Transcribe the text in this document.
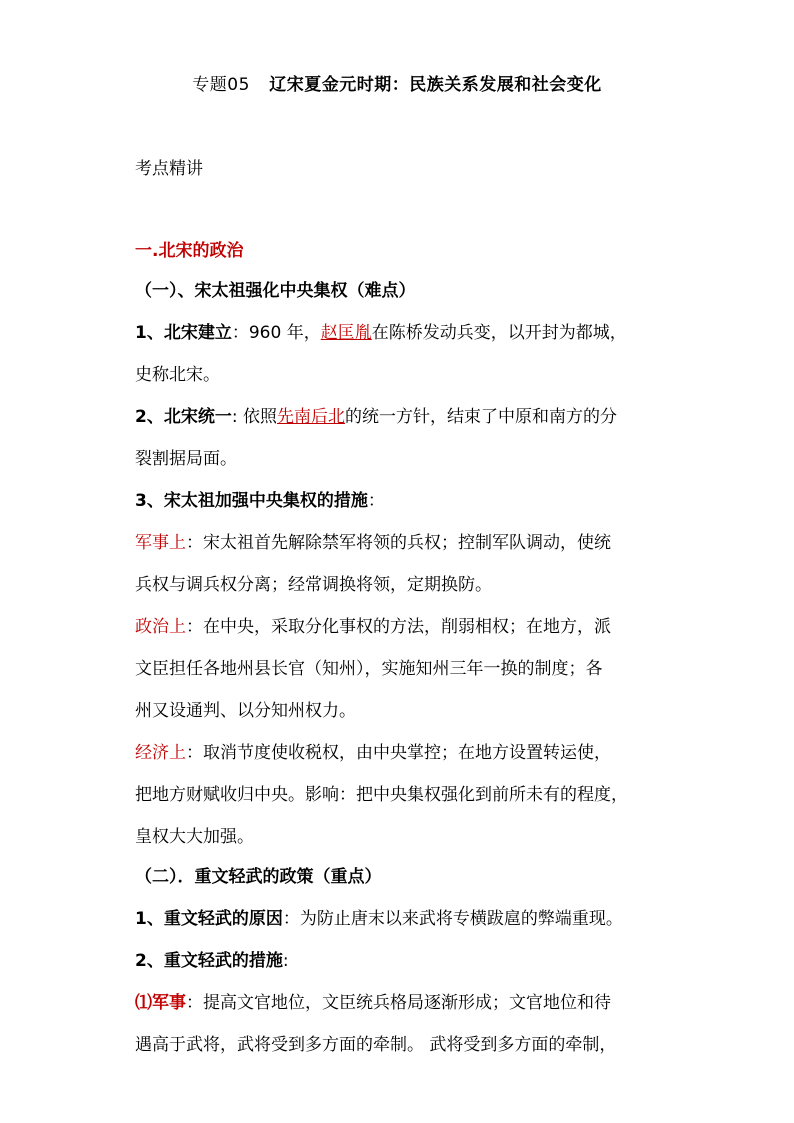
专题05 辽宋夏金元时期：民族关系发展和社会变化
考点精讲
一.北宋的政治
（一）、宋太祖强化中央集权（难点）
1、北宋建立：960 年，赵匡胤在陈桥发动兵变，以开封为都城，
史称北宋。
2、北宋统一: 依照先南后北的统一方针，结束了中原和南方的分
裂割据局面。
3、宋太祖加强中央集权的措施：
军事上：宋太祖首先解除禁军将领的兵权；控制军队调动，使统
兵权与调兵权分离；经常调换将领，定期换防。
政治上：在中央，采取分化事权的方法，削弱相权；在地方，派
文臣担任各地州县长官（知州），实施知州三年一换的制度；各
州又设通判、以分知州权力。
经济上：取消节度使收税权，由中央掌控；在地方设置转运使，
把地方财赋收归中央。影响：把中央集权强化到前所未有的程度，
皇权大大加强。
（二）．重文轻武的政策（重点）
1、重文轻武的原因：为防止唐末以来武将专横跋扈的弊端重现。
2、重文轻武的措施:
⑴军事：提高文官地位，文臣统兵格局逐渐形成；文官地位和待
遇高于武将，武将受到多方面的牵制。 武将受到多方面的牵制，
